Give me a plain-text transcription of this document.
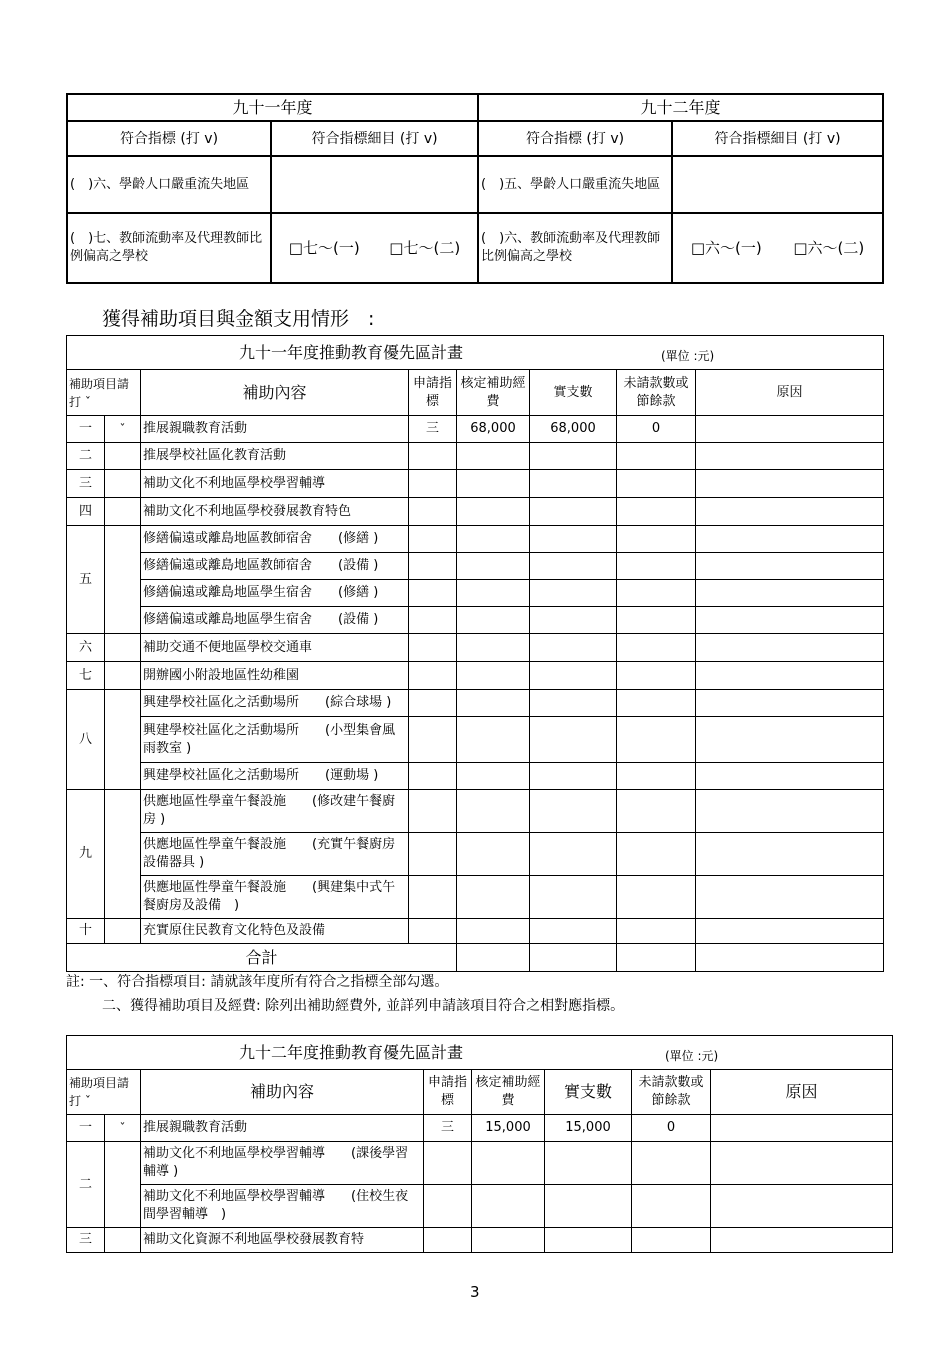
九十一年度		九十二年度	
符合指標 (打 v)	符合指標細目 (打 v)	符合指標 (打 v)	符合指標細目 (打 v)
(　)六、學齡人口嚴重流失地區		(　)五、學齡人口嚴重流失地區	
(　)七、教師流動率及代理教師比例偏高之學校	□七〜(一) □七〜(二)	(　)六、教師流動率及代理教師比例偏高之學校	□六〜(一) □六〜(二)
獲得補助項目與金額支用情形　:
九十一年度推動教育優先區計畫 (單位 :元)							

補助項目請打 ˇ		補助內容	申請指標	核定補助經費	實支數	未請款數或節餘款	原因
一	ˇ	推展親職教育活動	三	68,000	68,000	0	
二		推展學校社區化教育活動					
三		補助文化不利地區學校學習輔導					
四		補助文化不利地區學校發展教育特色					
五		修繕偏遠或離島地區教師宿舍　　(修繕 )					
		修繕偏遠或離島地區教師宿舍　　(設備 )					
		修繕偏遠或離島地區學生宿舍　　(修繕 )					
		修繕偏遠或離島地區學生宿舍　　(設備 )					
六		補助交通不便地區學校交通車					
七		開辦國小附設地區性幼稚園					
八		興建學校社區化之活動場所　　(綜合球場 )					
		興建學校社區化之活動場所　　(小型集會風雨教室 )					
		興建學校社區化之活動場所　　(運動場 )					
九		供應地區性學童午餐設施　　(修改建午餐廚房 )					
		供應地區性學童午餐設施　　(充實午餐廚房設備器具 )					
		供應地區性學童午餐設施　　(興建集中式午餐廚房及設備　)					
十		充實原住民教育文化特色及設備					
合計							
註: 一、符合指標項目: 請就該年度所有符合之指標全部勾選。
二、獲得補助項目及經費: 除列出補助經費外, 並詳列申請該項目符合之相對應指標。
九十二年度推動教育優先區計畫 (單位 :元)							

補助項目請打 ˇ		補助內容	申請指標	核定補助經費	實支數	未請款數或節餘款	原因
一	ˇ	推展親職教育活動	三	15,000	15,000	0	
二		補助文化不利地區學校學習輔導　　(課後學習輔導 )					
		補助文化不利地區學校學習輔導　　(住校生夜間學習輔導　)					
三		補助文化資源不利地區學校發展教育特					
3
